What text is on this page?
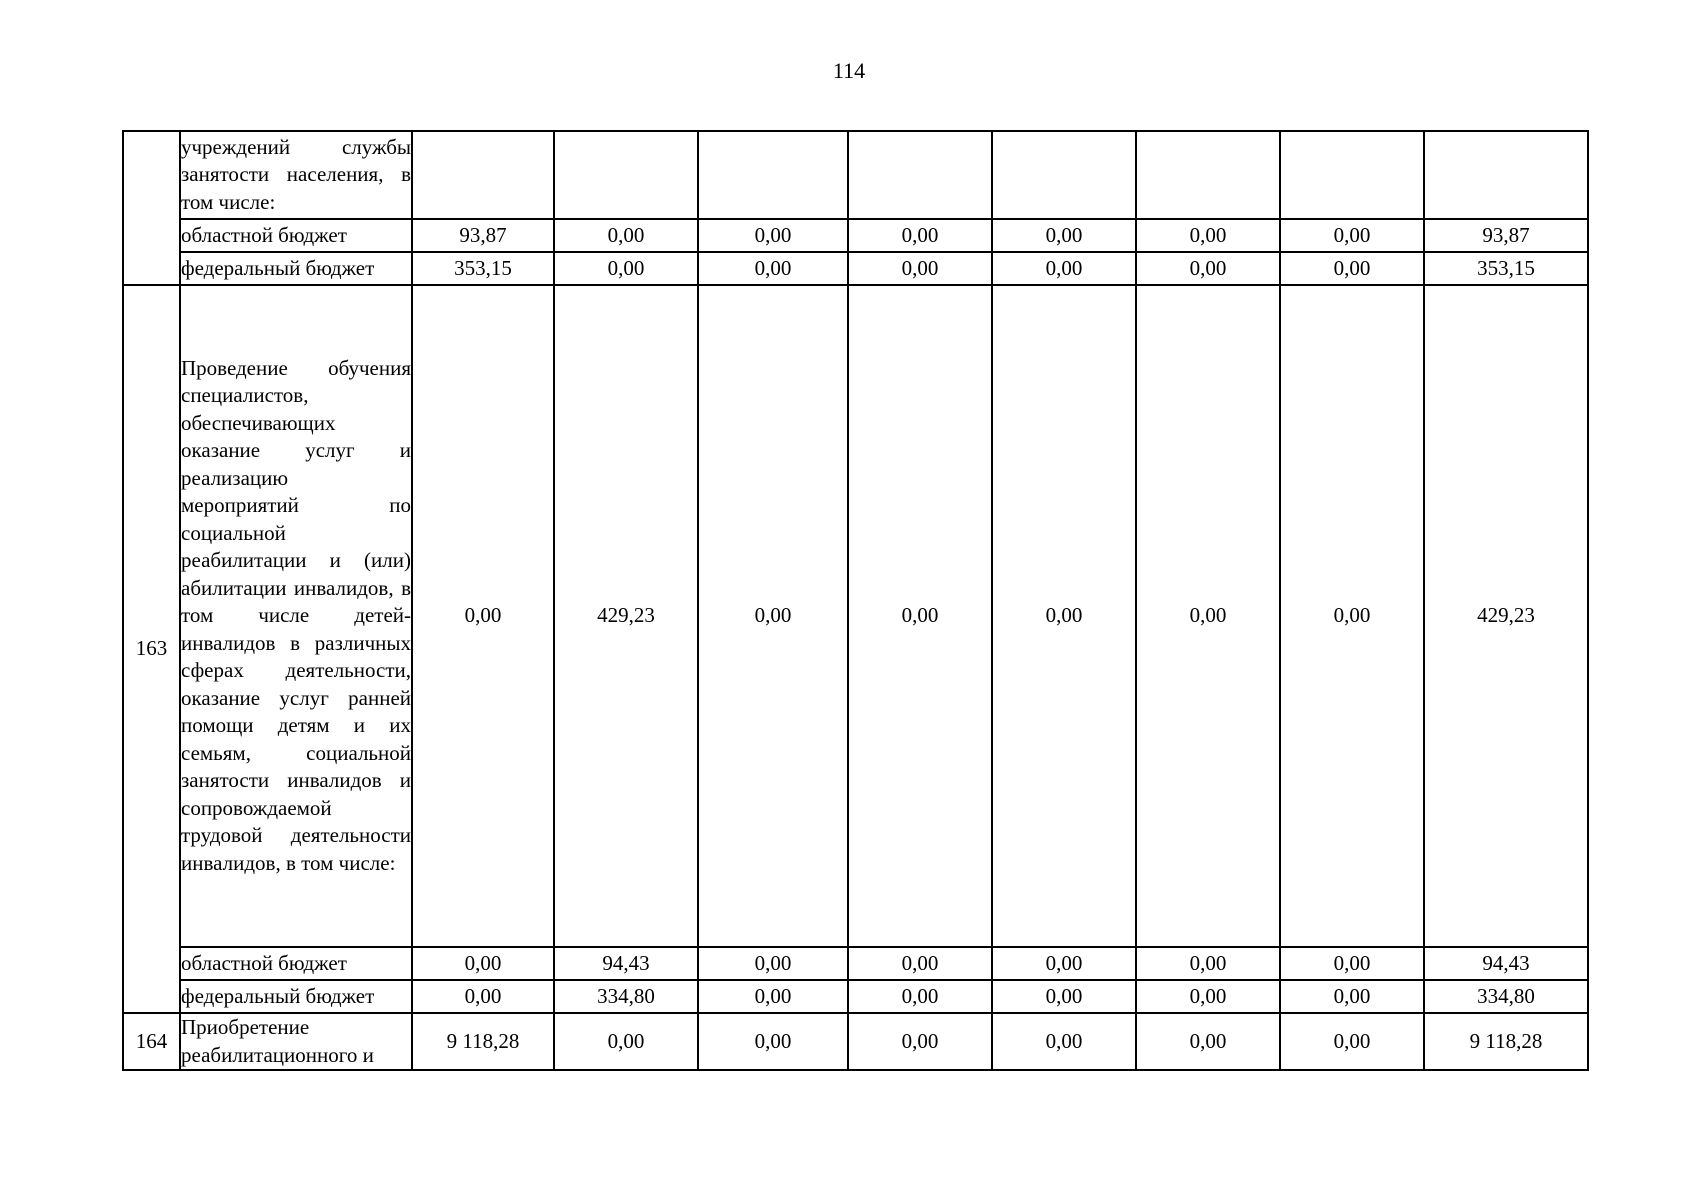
114
	учреждений службы занятости населения, в том числе:								
	областной бюджет	93,87	0,00	0,00	0,00	0,00	0,00	0,00	93,87
	федеральный бюджет	353,15	0,00	0,00	0,00	0,00	0,00	0,00	353,15
163	Проведение обучения специалистов, обеспечивающих оказание услуг и реализацию мероприятий по социальной реабилитации и (или) абилитации инвалидов, в том числе детей-инвалидов в различных сферах деятельности, оказание услуг ранней помощи детям и их семьям, социальной занятости инвалидов и сопровождаемой трудовой деятельности инвалидов, в том числе:	0,00	429,23	0,00	0,00	0,00	0,00	0,00	429,23
	областной бюджет	0,00	94,43	0,00	0,00	0,00	0,00	0,00	94,43
	федеральный бюджет	0,00	334,80	0,00	0,00	0,00	0,00	0,00	334,80
164	Приобретение реабилитационного и	9 118,28	0,00	0,00	0,00	0,00	0,00	0,00	9 118,28
